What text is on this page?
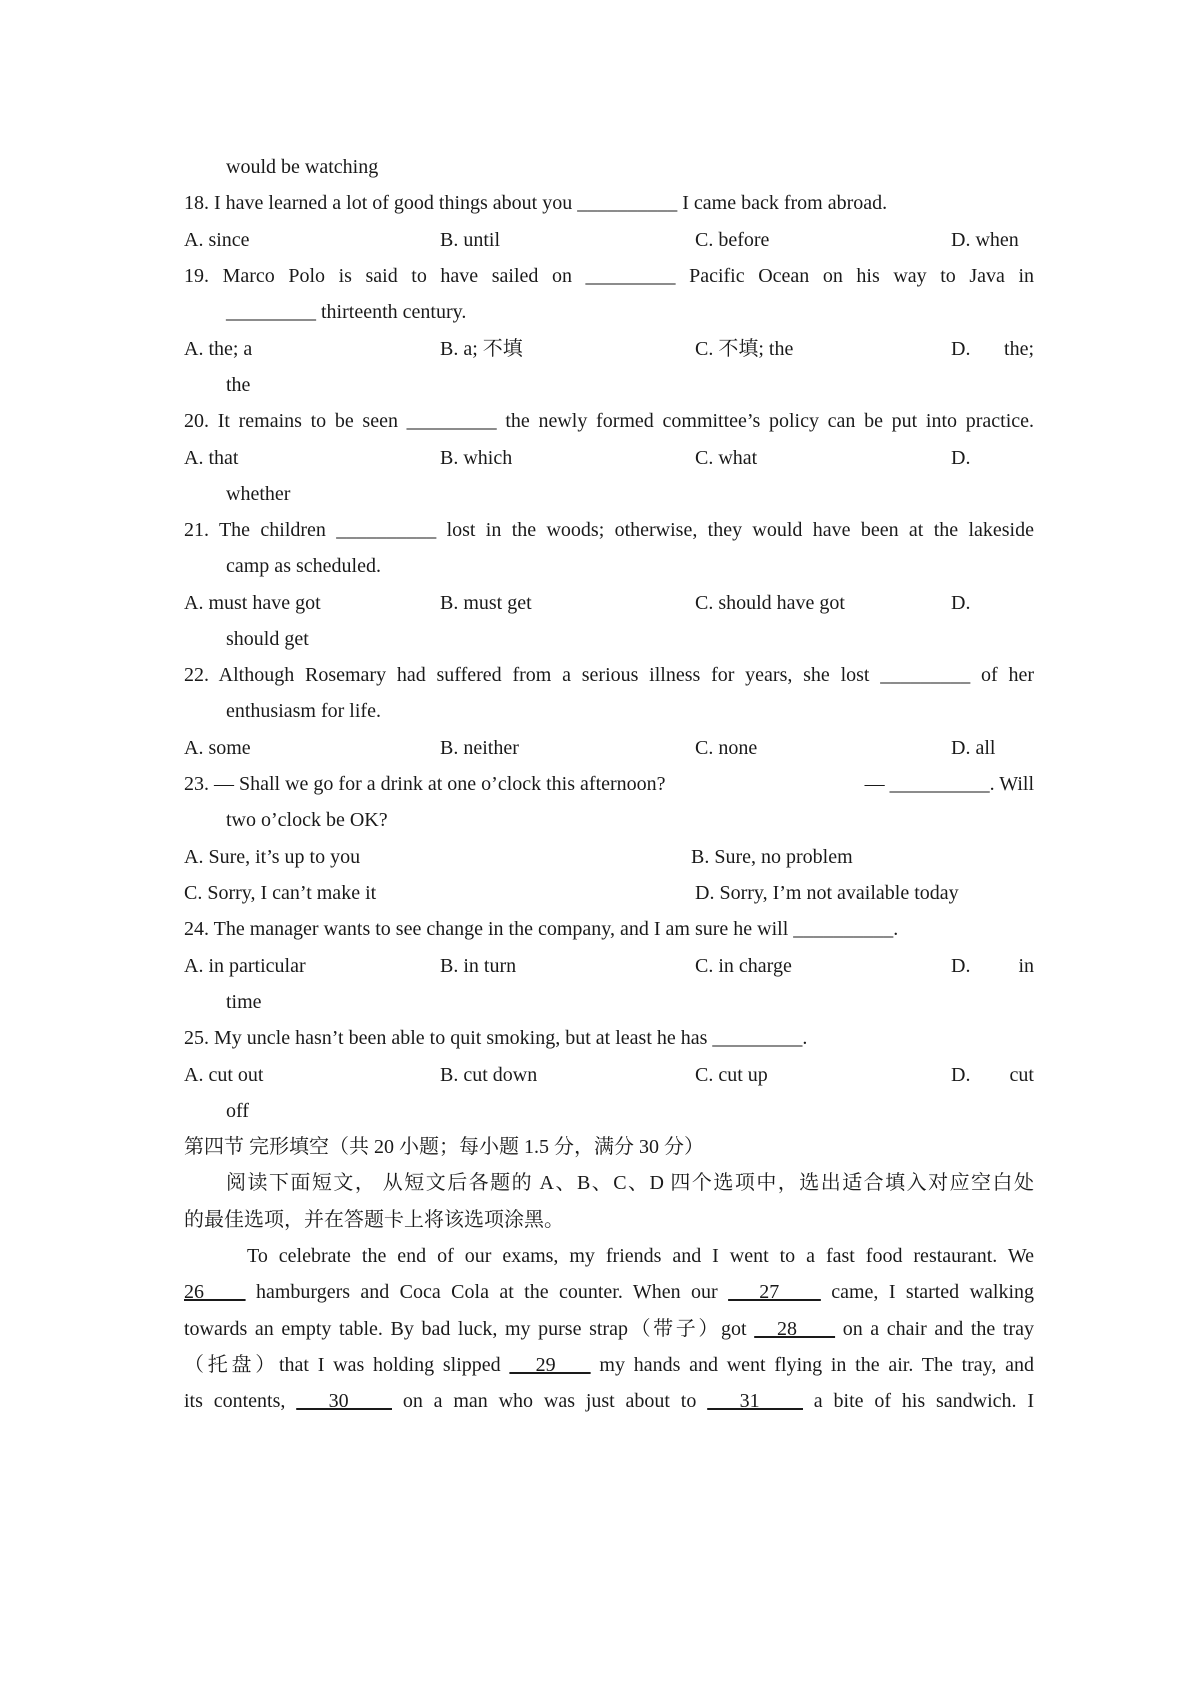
would be watching
18. I have learned a lot of good things about you __________ I came back from abroad.
A. since	B. until	C. before	D. when
19. Marco Polo is said to have sailed on _________ Pacific Ocean on his way to Java in
_________ thirteenth century.
A. the; a	B. a; 不填	C. 不填; the	D. the;
the
20. It remains to be seen _________ the newly formed committee’s policy can be put into practice.
A. that	B. which	C. what	D.
whether
21. The children __________ lost in the woods; otherwise, they would have been at the lakeside
camp as scheduled.
A. must have got	B. must get	C. should have got	D.
should get
22. Although Rosemary had suffered from a serious illness for years, she lost _________ of her
enthusiasm for life.
A. some	B. neither	C. none	D. all
23. — Shall we go for a drink at one o’clock this afternoon?	— __________. Will
two o’clock be OK?
A. Sure, it’s up to you	B. Sure, no problem
C. Sorry, I can’t make it	D. Sorry, I’m not available today
24. The manager wants to see change in the company, and I am sure he will __________.
A. in particular	B. in turn	C. in charge	D. in
time
25. My uncle hasn’t been able to quit smoking, but at least he has _________.
A. cut out	B. cut down	C. cut up	D. cut
off
第四节 完形填空（共 20 小题；每小题 1.5 分，满分 30 分）
阅读下面短文， 从短文后各题的 A、B、C、D 四个选项中，选出适合填入对应空白处
的最佳选项，并在答题卡上将该选项涂黑。
To celebrate the end of our exams, my friends and I went to a fast food restaurant. We
26     hamburgers and Coca Cola at the counter. When our    27     came, I started walking
towards an empty table. By bad luck, my purse strap（带子）got    28      on a chair and the tray
（托盘）that I was holding slipped    29     my hands and went flying in the air. The tray, and
its contents,    30     on a man who was just about to    31     a bite of his sandwich. I
